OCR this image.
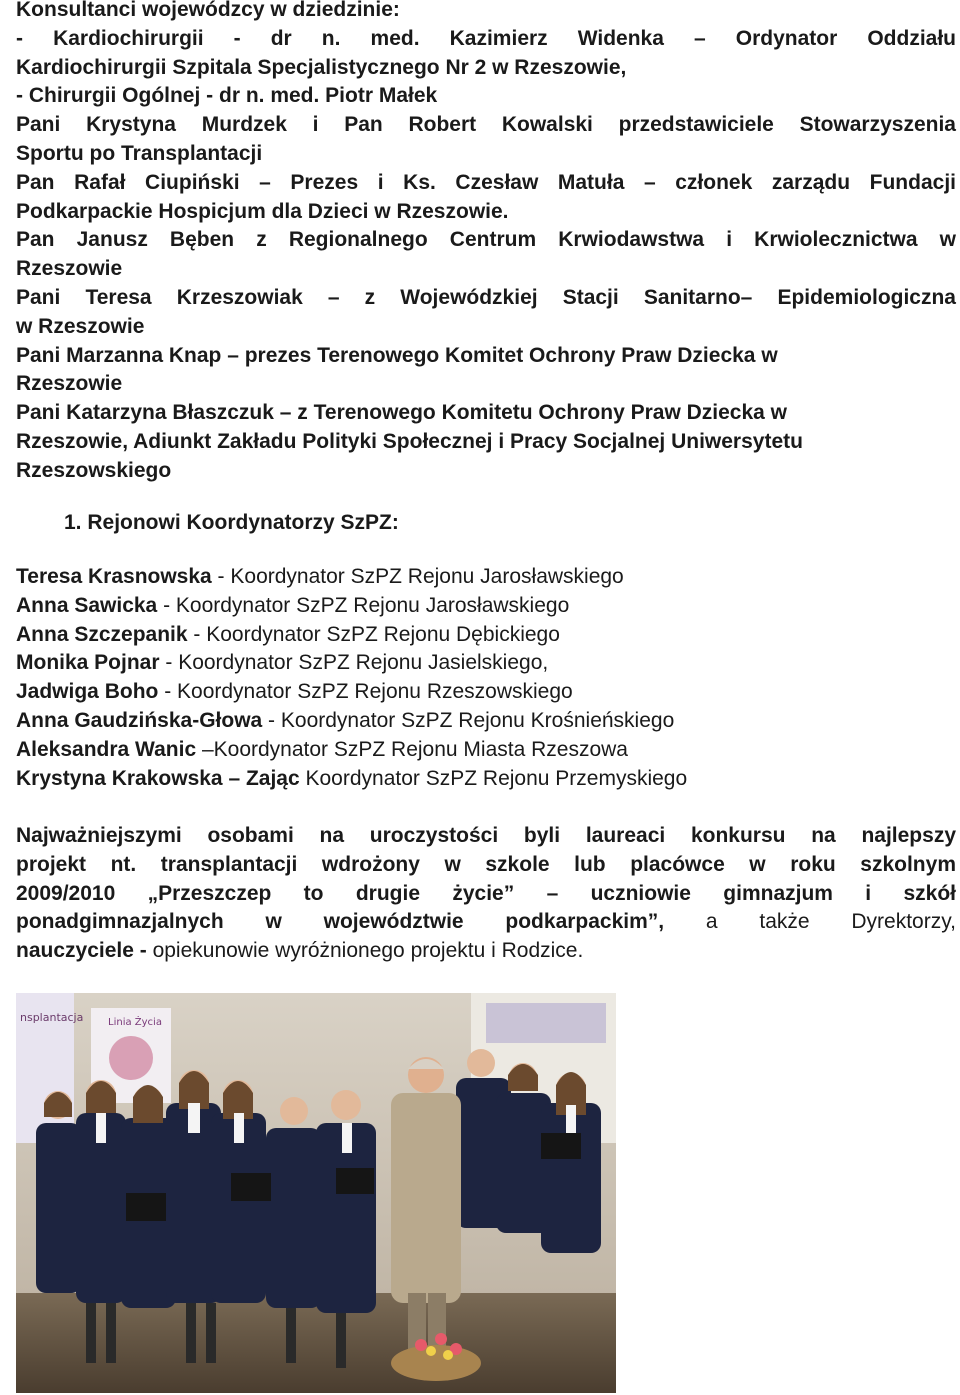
Konsultanci wojewódzcy w dziedzinie:

- Kardiochirurgii - dr n. med. Kazimierz Widenka – Ordynator Oddziału

Kardiochirurgii Szpitala Specjalistycznego Nr 2 w Rzeszowie,

- Chirurgii Ogólnej - dr n. med. Piotr Małek

Pani Krystyna Murdzek i Pan Robert Kowalski przedstawiciele Stowarzyszenia

Sportu po Transplantacji

Pan Rafał Ciupiński – Prezes i Ks. Czesław Matuła – członek zarządu Fundacji

Podkarpackie Hospicjum dla Dzieci w Rzeszowie.

Pan Janusz Bęben z Regionalnego Centrum Krwiodawstwa i Krwiolecznictwa w

Rzeszowie

Pani Teresa Krzeszowiak – z Wojewódzkiej Stacji Sanitarno– Epidemiologiczna

w Rzeszowie

Pani Marzanna Knap – prezes Terenowego Komitet Ochrony Praw Dziecka w

Rzeszowie

Pani Katarzyna Błaszczuk – z Terenowego Komitetu Ochrony Praw Dziecka w

Rzeszowie, Adiunkt Zakładu Polityki Społecznej i Pracy Socjalnej Uniwersytetu

Rzeszowskiego

1. Rejonowi Koordynatorzy SzPZ:
Teresa Krasnowska - Koordynator SzPZ Rejonu Jarosławskiego
Anna Sawicka - Koordynator SzPZ Rejonu Jarosławskiego
Anna Szczepanik - Koordynator SzPZ Rejonu Dębickiego
Monika Pojnar - Koordynator SzPZ Rejonu Jasielskiego,
Jadwiga Boho - Koordynator SzPZ Rejonu Rzeszowskiego
Anna Gaudzińska-Głowa - Koordynator SzPZ Rejonu Krośnieńskiego
Aleksandra Wanic –Koordynator SzPZ Rejonu Miasta Rzeszowa
Krystyna Krakowska – Zając Koordynator SzPZ Rejonu Przemyskiego

Najważniejszymi osobami na uroczystości byli laureaci konkursu na najlepszy

projekt nt. transplantacji wdrożony w szkole lub placówce w roku szkolnym

2009/2010 „Przeszczep to drugie życie” – uczniowie gimnazjum i szkół

ponadgimnazjalnych w województwie podkarpackim”, a także Dyrektorzy,

nauczyciele - opiekunowie wyróżnionego projektu i Rodzice.

nsplantacja Linia Życia
